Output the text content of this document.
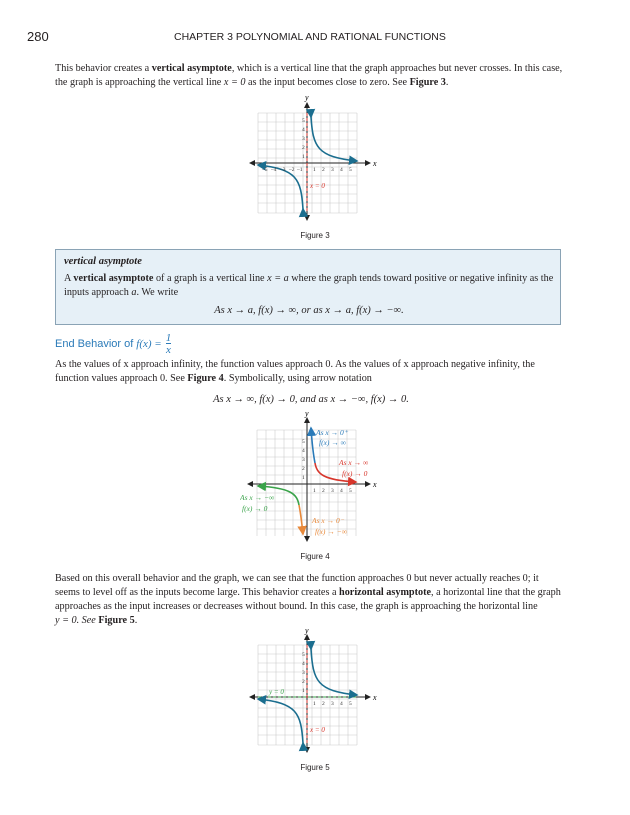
280	CHAPTER 3 POLYNOMIAL AND RATIONAL FUNCTIONS
This behavior creates a vertical asymptote, which is a vertical line that the graph approaches but never crosses. In this case, the graph is approaching the vertical line x = 0 as the input becomes close to zero. See Figure 3.
x
y
1 2 3 4 5
–5 –4 –3 –2 –1
1
2
3
4
5
x = 0
Figure 3
vertical asymptote
A vertical asymptote of a graph is a vertical line x = a where the graph tends toward positive or negative infinity as the inputs approach a. We write
As x → a, f(x) → ∞, or as x → a, f(x) → −∞.
End Behavior of $f(x) = \frac{1}{x}$
As the values of x approach infinity, the function values approach 0. As the values of x approach negative infinity, the
function values approach 0. See Figure 4. Symbolically, using arrow notation
As x → ∞, f(x) → 0, and as x → −∞, f(x) → 0.
x
y
1 2 3 4 5
1
2
3
4
5
As x → 0⁺
f(x) → ∞
As x → ∞
f(x) → 0
As x → −∞
f(x) → 0
As x → 0⁻
f(x) → −∞
Figure 4
Based on this overall behavior and the graph, we can see that the function approaches 0 but never actually reaches 0; it
seems to level off as the inputs become large. This behavior creates a horizontal asymptote, a horizontal line that the graph
approaches as the input increases or decreases without bound. In this case, the graph is approaching the horizontal line
y = 0. See Figure 5.
x
y
1 2 3 4 5
1
2
3
4
5
x = 0
y = 0
Figure 5
